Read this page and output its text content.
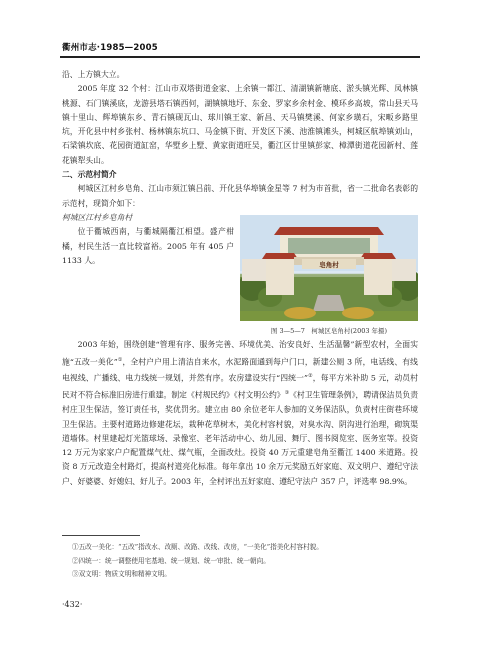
衢州市志·1985—2005

沿、上方镇大立。

2005 年度 32 个村：江山市双塔街道金家、上余镇一都江、清湖镇新塘底、淤头镇光辉、凤林镇桃源、石门镇溪底，龙游县塔石镇西何，湖镇镇地圩、东金、罗家乡余村金、模环乡高坡，常山县天马镇十里山、辉埠镇东乡、青石镇砚瓦山、球川镇王家、新昌、天马镇樊溪、何家乡璜石，宋畈乡路里坑，开化县中村乡张村、杨林镇东坑口、马金镇下街、开发区下溪、池淮镇滩头，柯城区航埠镇刘山，石梁镇坎底、花园街道缸窑，华墅乡上墅、黄家街道旺吴，衢江区廿里镇彭家、樟潭街道花园新村、莲花镇犁头山。

二、示范村简介

柯城区江村乡皂角、江山市须江镇吕前、开化县华埠镇金星等 7 村为市首批，省一二批命名表彰的示范村，现简介如下：

柯城区江村乡皂角村

位于衢城西南，与衢城隔衢江相望。盛产柑橘，村民生活一直比较富裕。2005 年有 405 户 1133 人。

皂角村
图 3—5—7　柯城区皂角村(2003 年摄)

2003 年始，围绕创建“管理有序、服务完善、环境优美、治安良好、生活温馨”新型农村，全面实施“五改一美化”①，全村户户用上清洁自来水，水泥路面通到每户门口，新建公厕 3 所，电话线、有线电视线、广播线、电力线统一规划，并然有序。农房建设实行“四统一”②，每平方米补助 5 元，动员村民对不符合标准旧房进行重建。制定《村规民约》《村文明公约》③《村卫生管理条例》，聘请保洁员负责村庄卫生保洁，签订责任书，奖优罚劣。建立由 80 余位老年人参加的义务保洁队，负责村庄街巷环境卫生保洁。主要村道路边修建花坛，栽种花草树木，美化村容村貌，对臭水沟、阴沟进行治理，砌筑渠道墙体。村里建起灯光篮球场、录像室、老年活动中心、幼儿园、舞厅、图书阅览室、医务室等。投资 12 万元为家家户户配置煤气灶、煤气瓶，全面改灶。投资 40 万元重建皂角至衢江 1400 米道路。投资 8 万元改造全村路灯，提高村道亮化标准。每年拿出 10 余万元奖励五好家庭、双文明户、遵纪守法户、好婆婆、好媳妇、好儿子。2003 年，全村评出五好家庭、遵纪守法户 357 户，评选率 98.9%。

①五改一美化：“五改”指改水、改厕、改路、改线、改房，“一美化”指美化村容村貌。

②四统一：统一调整使用宅基地、统一规划、统一审批、统一朝向。

③双文明：物质文明和精神文明。

·432·
